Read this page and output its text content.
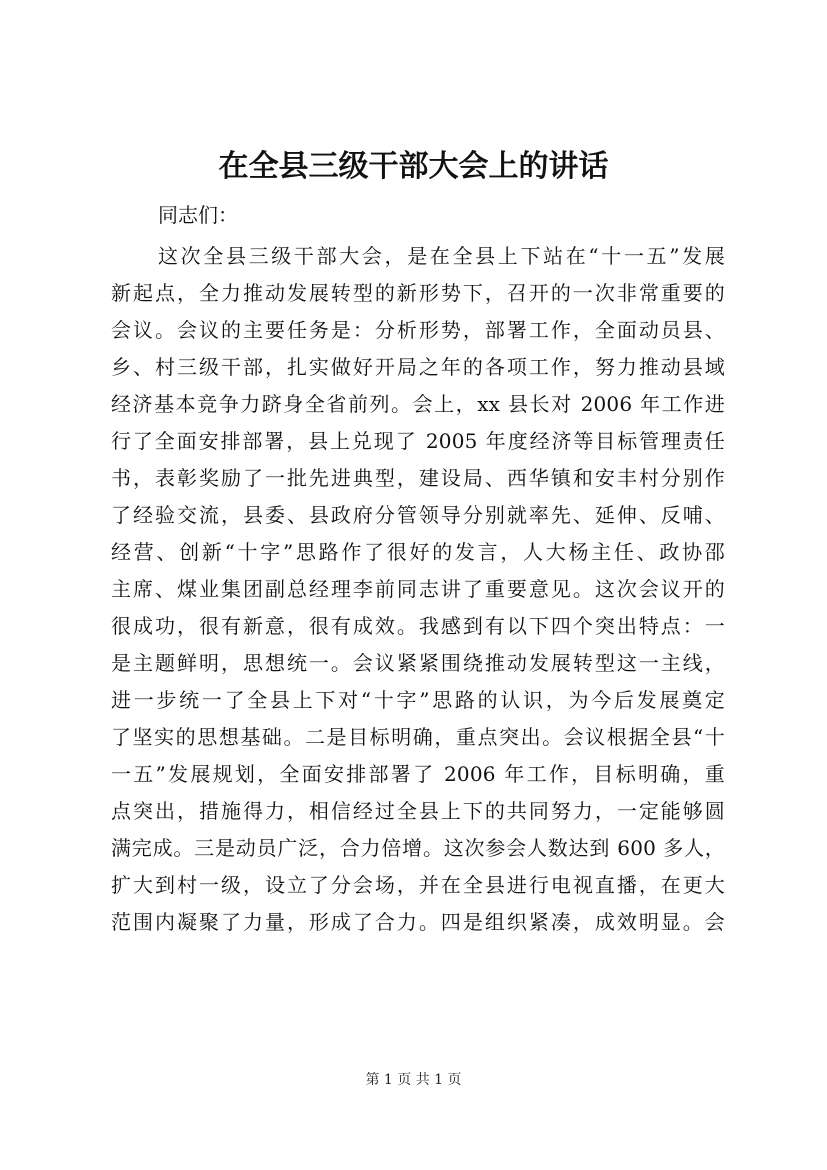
在全县三级干部大会上的讲话
同志们：
这次全县三级干部大会，是在全县上下站在“十一五”发展
新起点，全力推动发展转型的新形势下，召开的一次非常重要的
会议。会议的主要任务是：分析形势，部署工作，全面动员县、
乡、村三级干部，扎实做好开局之年的各项工作，努力推动县域
经济基本竞争力跻身全省前列。会上，xx 县长对 2006 年工作进
行了全面安排部署，县上兑现了 2005 年度经济等目标管理责任
书，表彰奖励了一批先进典型，建设局、西华镇和安丰村分别作
了经验交流，县委、县政府分管领导分别就率先、延伸、反哺、
经营、创新“十字”思路作了很好的发言，人大杨主任、政协邵
主席、煤业集团副总经理李前同志讲了重要意见。这次会议开的
很成功，很有新意，很有成效。我感到有以下四个突出特点：一
是主题鲜明，思想统一。会议紧紧围绕推动发展转型这一主线，
进一步统一了全县上下对“十字”思路的认识，为今后发展奠定
了坚实的思想基础。二是目标明确，重点突出。会议根据全县“十
一五”发展规划，全面安排部署了 2006 年工作，目标明确，重
点突出，措施得力，相信经过全县上下的共同努力，一定能够圆
满完成。三是动员广泛，合力倍增。这次参会人数达到 600 多人，
扩大到村一级，设立了分会场，并在全县进行电视直播，在更大
范围内凝聚了力量，形成了合力。四是组织紧凑，成效明显。会
第 1 页 共 1 页
